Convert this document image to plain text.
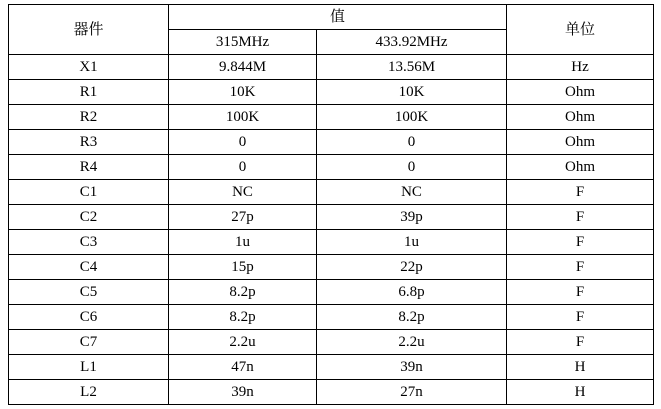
器件	值		单位
	315MHz	433.92MHz	
X1	9.844M	13.56M	Hz
R1	10K	10K	Ohm
R2	100K	100K	Ohm
R3	0	0	Ohm
R4	0	0	Ohm
C1	NC	NC	F
C2	27p	39p	F
C3	1u	1u	F
C4	15p	22p	F
C5	8.2p	6.8p	F
C6	8.2p	8.2p	F
C7	2.2u	2.2u	F
L1	47n	39n	H
L2	39n	27n	H
